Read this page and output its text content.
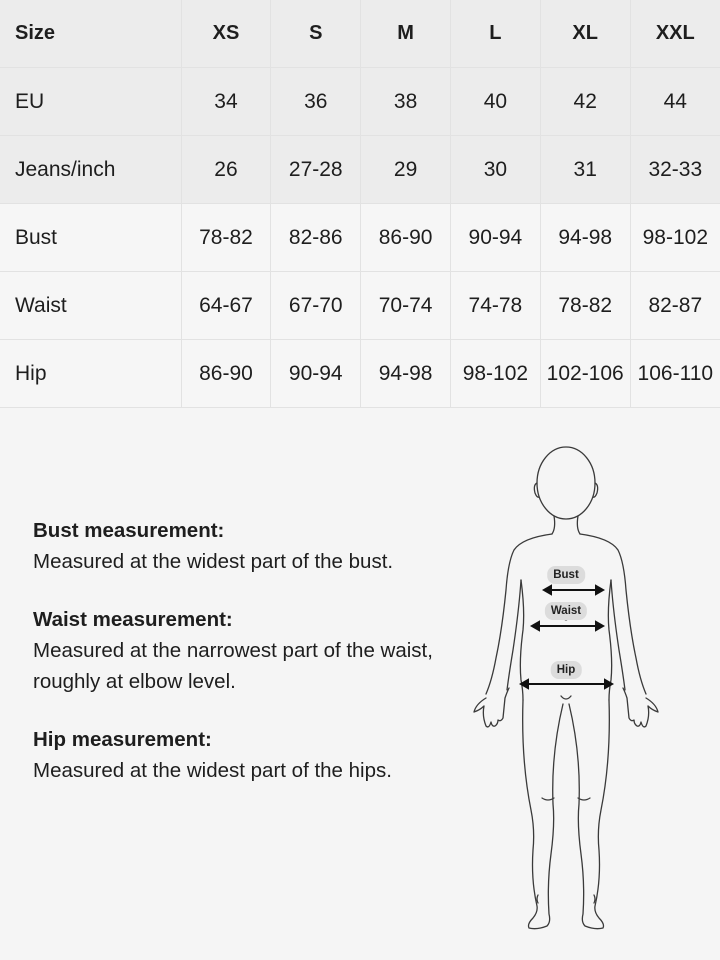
Size	XS	S	M	L	XL	XXL
EU	34	36	38	40	42	44
Jeans/inch	26	27-28	29	30	31	32-33
Bust	78-82	82-86	86-90	90-94	94-98	98-102
Waist	64-67	67-70	70-74	74-78	78-82	82-87
Hip	86-90	90-94	94-98	98-102	102-106	106-110
Bust measurement:
Measured at the widest part of the bust.
Waist measurement:
Measured at the narrowest part of the waist, roughly at elbow level.
Hip measurement:
Measured at the widest part of the hips.
Bust
Waist
Hip
